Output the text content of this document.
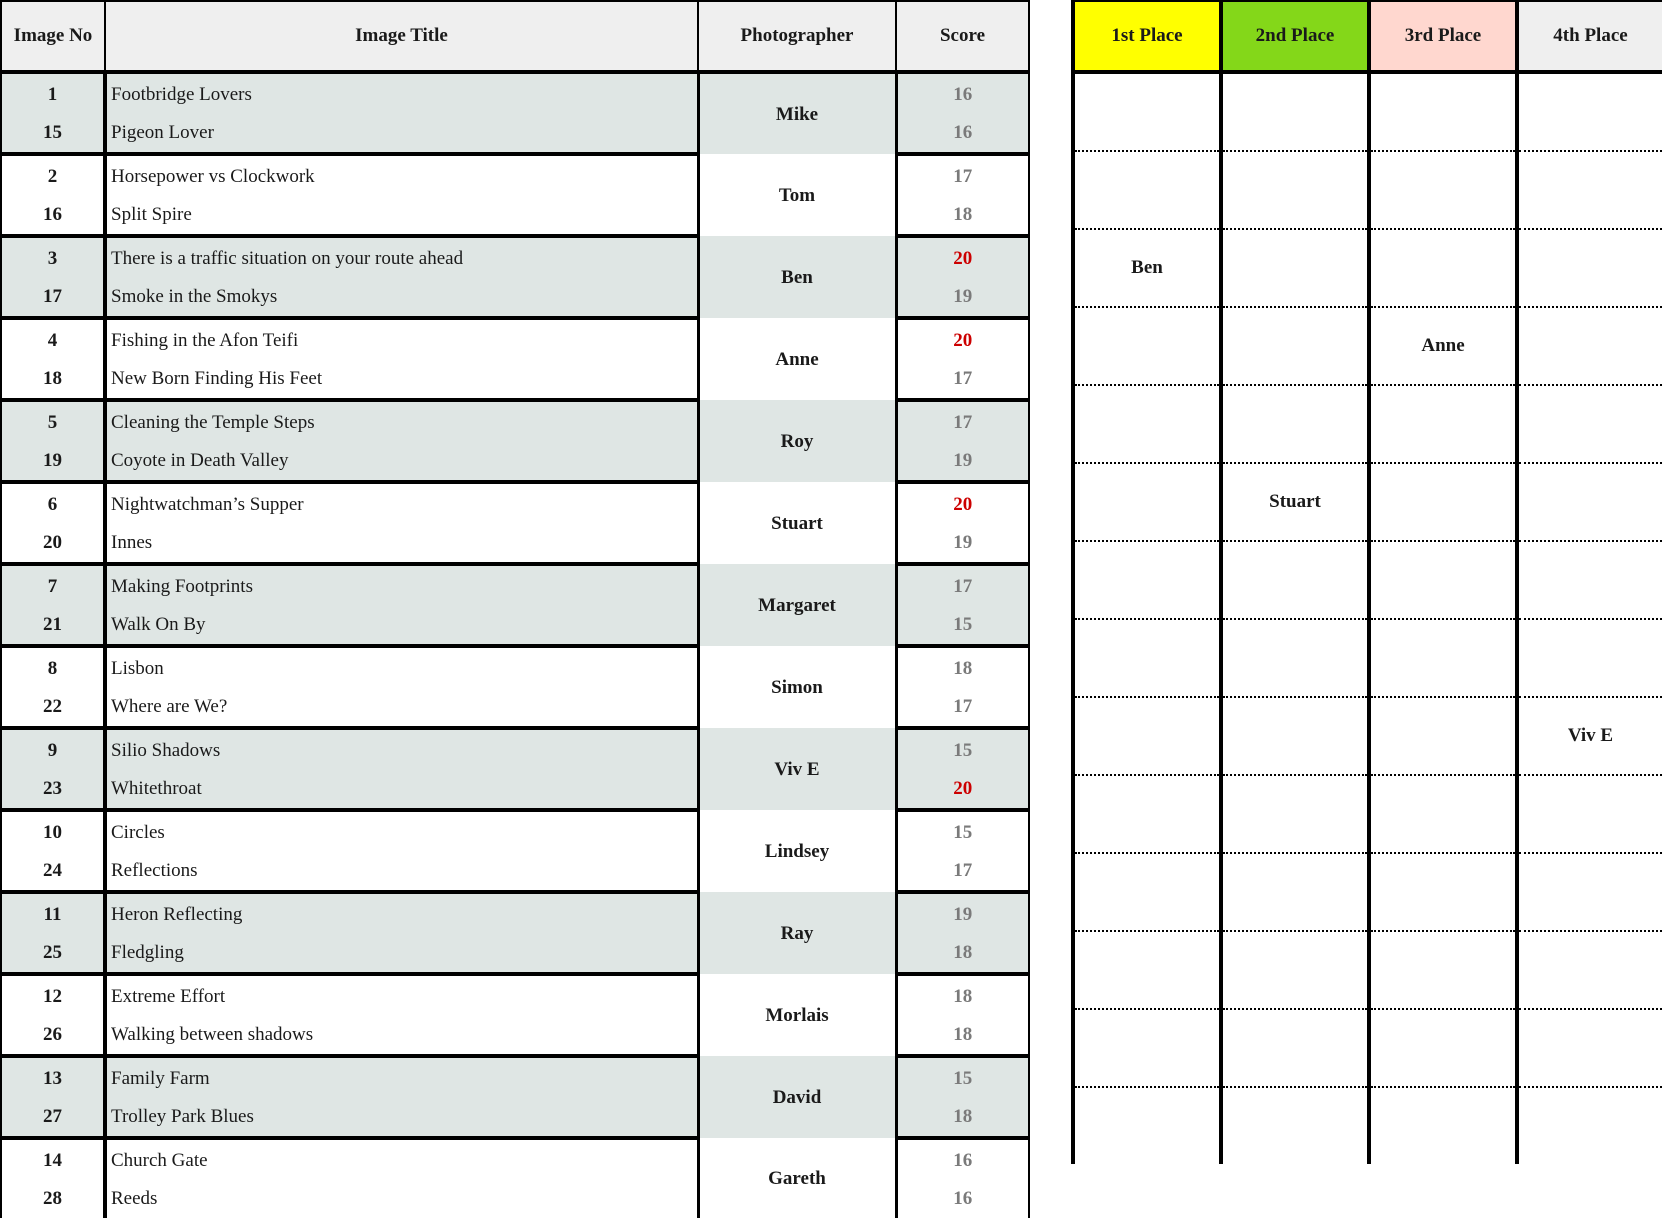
Image No	Image Title	Photographer	Score
1	Footbridge Lovers	Mike	16
15	Pigeon Lover		16
2	Horsepower vs Clockwork	Tom	17
16	Split Spire		18
3	There is a traffic situation on your route ahead	Ben	20
17	Smoke in the Smokys		19
4	Fishing in the Afon Teifi	Anne	20
18	New Born Finding His Feet		17
5	Cleaning the Temple Steps	Roy	17
19	Coyote in Death Valley		19
6	Nightwatchman’s Supper	Stuart	20
20	Innes		19
7	Making Footprints	Margaret	17
21	Walk On By		15
8	Lisbon	Simon	18
22	Where are We?		17
9	Silio Shadows	Viv E	15
23	Whitethroat		20
10	Circles	Lindsey	15
24	Reflections		17
11	Heron Reflecting	Ray	19
25	Fledgling		18
12	Extreme Effort	Morlais	18
26	Walking between shadows		18
13	Family Farm	David	15
27	Trolley Park Blues		18
14	Church Gate	Gareth	16
28	Reeds		16
1st Place	2nd Place	3rd Place	4th Place

Ben			
		Anne	

	Stuart		

			Viv E
